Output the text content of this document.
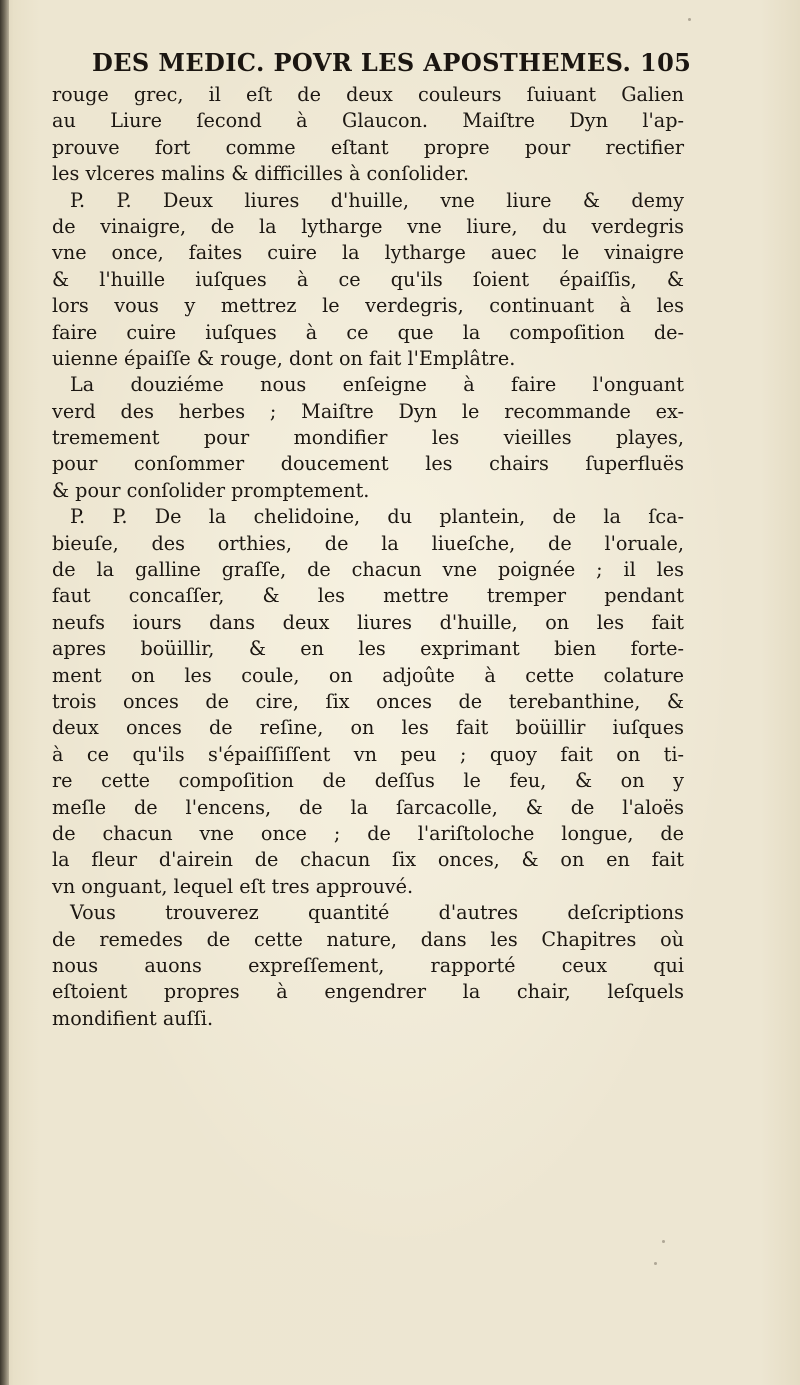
DES MEDIC. POVR LES APOSTHEMES. 105
rouge grec, il eſt de deux couleurs ſuiuant Galien
au Liure ſecond à Glaucon. Maiſtre Dyn l'ap-
prouve fort comme eſtant propre pour rectifier
les vlceres malins & difficilles à conſolider.
P. P. Deux liures d'huille, vne liure & demy
de vinaigre, de la lytharge vne liure, du verdegris
vne once, faites cuire la lytharge auec le vinaigre
& l'huille iuſques à ce qu'ils ſoient épaiſſis, &
lors vous y mettrez le verdegris, continuant à les
faire cuire iuſques à ce que la compoſition de-
uienne épaiſſe & rouge, dont on fait l'Emplâtre.
La douziéme nous enſeigne à faire l'onguant
verd des herbes ; Maiſtre Dyn le recommande ex-
tremement pour mondifier les vieilles playes,
pour conſommer doucement les chairs ſuperfluës
& pour conſolider promptement.
P. P. De la chelidoine, du plantein, de la ſca-
bieuſe, des orthies, de la liueſche, de l'oruale,
de la galline graſſe, de chacun vne poignée ; il les
faut concaſſer, & les mettre tremper pendant
neufs iours dans deux liures d'huille, on les fait
apres boüillir, & en les exprimant bien forte-
ment on les coule, on adjoûte à cette colature
trois onces de cire, ſix onces de terebanthine, &
deux onces de reſine, on les fait boüillir iuſques
à ce qu'ils s'épaiſſiſſent vn peu ; quoy fait on ti-
re cette compoſition de deſſus le feu, & on y
meſle de l'encens, de la ſarcacolle, & de l'aloës
de chacun vne once ; de l'ariſtoloche longue, de
la fleur d'airein de chacun ſix onces, & on en fait
vn onguant, lequel eſt tres approuvé.
Vous trouverez quantité d'autres deſcriptions
de remedes de cette nature, dans les Chapitres où
nous auons expreſſement, rapporté ceux qui
eſtoient propres à engendrer la chair, leſquels
mondifient auſſi.
